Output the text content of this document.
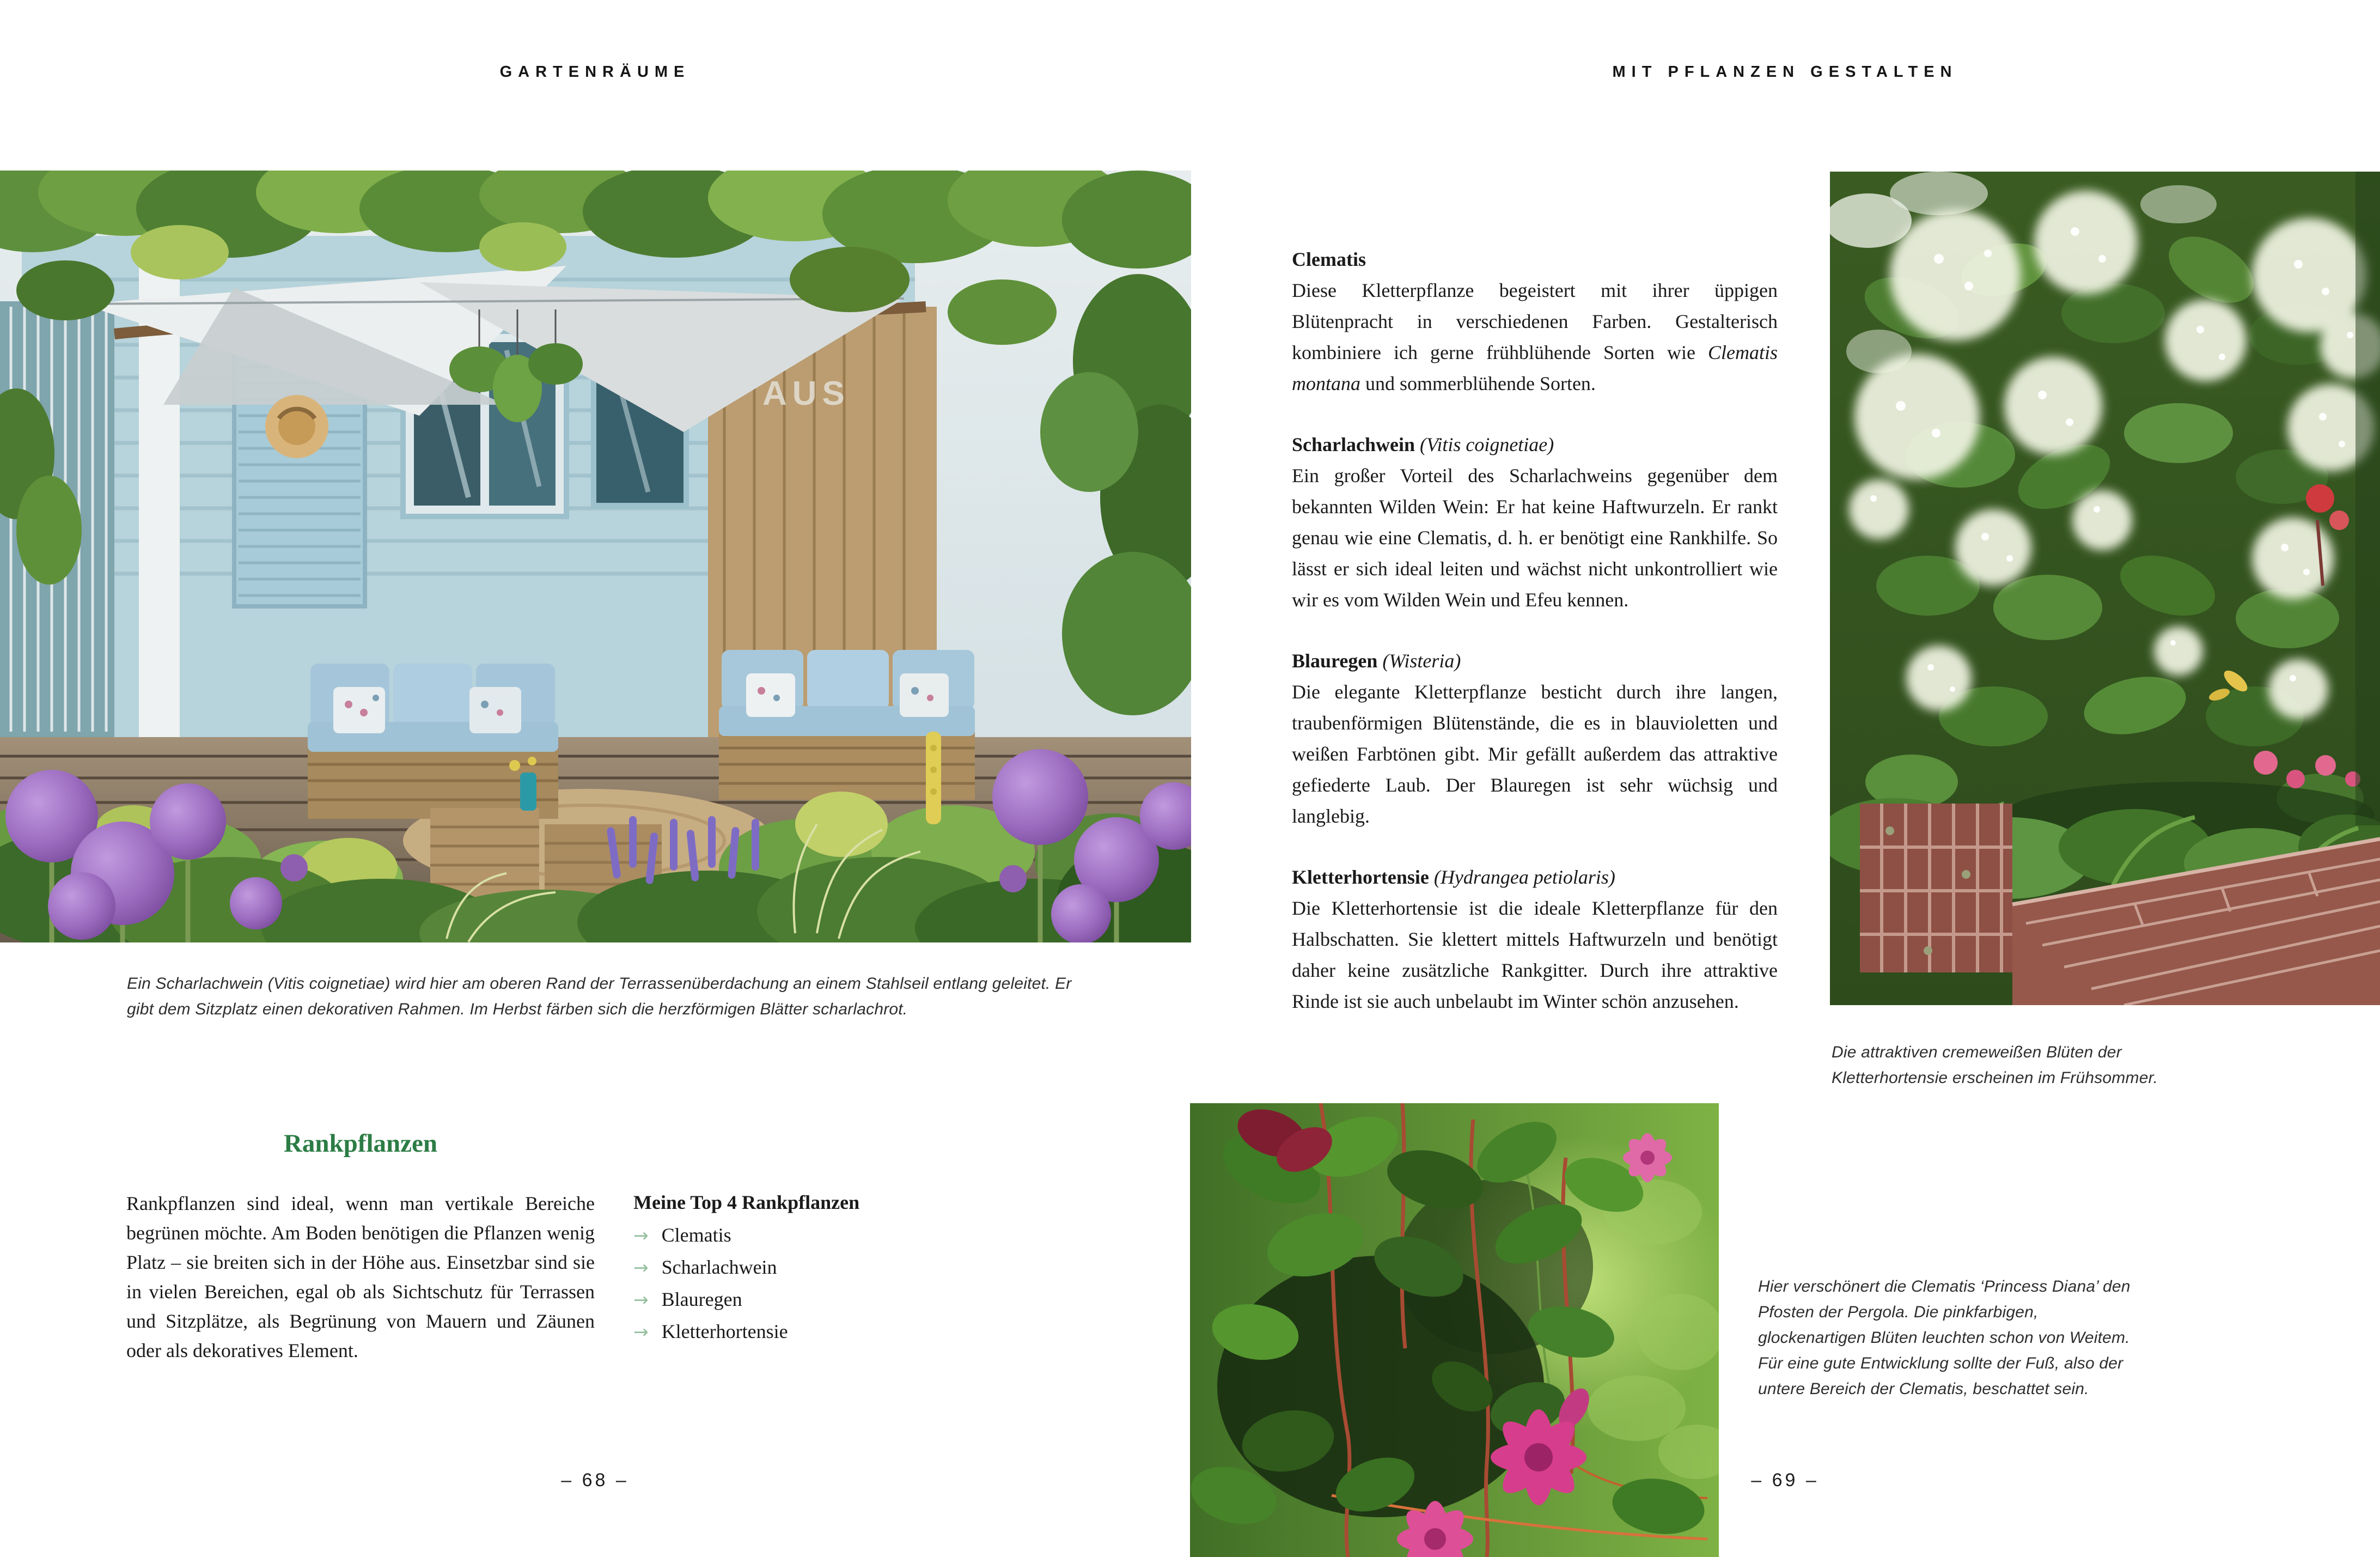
GARTENRÄUME
AUS

Ein Scharlachwein (Vitis coignetiae) wird hier am oberen Rand der Terrassenüberdachung an einem Stahlseil entlang geleitet. Er gibt dem Sitzplatz einen dekorativen Rahmen. Im Herbst färben sich die herzförmigen Blätter scharlachrot.

Rankpflanzen

Rankpflanzen sind ideal, wenn man vertikale Bereiche begrünen möchte. Am Boden benötigen die Pflanzen wenig Platz – sie breiten sich in der Höhe aus. Einsetzbar sind sie in vielen Bereichen, egal ob als Sichtschutz für Terrassen und Sitzplätze, als Begrünung von Mauern und Zäunen oder als dekoratives Element.

Meine Top 4 Rankpflanzen
→ Clematis
→ Scharlachwein
→ Blauregen
→ Kletterhortensie
– 68 –
MIT PFLANZEN GESTALTEN
Clematis

Diese Kletterpflanze begeistert mit ihrer üppigen Blütenpracht in verschiedenen Farben. Gestalterisch kombiniere ich gerne frühblühende Sorten wie Clematis montana und sommerblühende Sorten.

Scharlachwein (Vitis coignetiae)

Ein großer Vorteil des Scharlachweins gegenüber dem bekannten Wilden Wein: Er hat keine Haftwurzeln. Er rankt genau wie eine Clematis, d. h. er benötigt eine Rankhilfe. So lässt er sich ideal leiten und wächst nicht unkontrolliert wie wir es vom Wilden Wein und Efeu kennen.

Blauregen (Wisteria)

Die elegante Kletterpflanze besticht durch ihre langen, traubenförmigen Blütenstände, die es in blauvioletten und weißen Farbtönen gibt. Mir gefällt außerdem das attraktive gefiederte Laub. Der Blauregen ist sehr wüchsig und langlebig.

Kletterhortensie (Hydrangea petiolaris)

Die Kletterhortensie ist die ideale Kletterpflanze für den Halbschatten. Sie klettert mittels Haftwurzeln und benötigt daher keine zusätzliche Rankgitter. Durch ihre attraktive Rinde ist sie auch unbelaubt im Winter schön anzusehen.

Die attraktiven cremeweißen Blüten der Kletterhortensie erscheinen im Frühsommer.

Hier verschönert die Clematis ‘Princess Diana’ den Pfosten der Pergola. Die pinkfarbigen, glockenartigen Blüten leuchten schon von Weitem. Für eine gute Entwicklung sollte der Fuß, also der untere Bereich der Clematis, beschattet sein.

– 69 –
